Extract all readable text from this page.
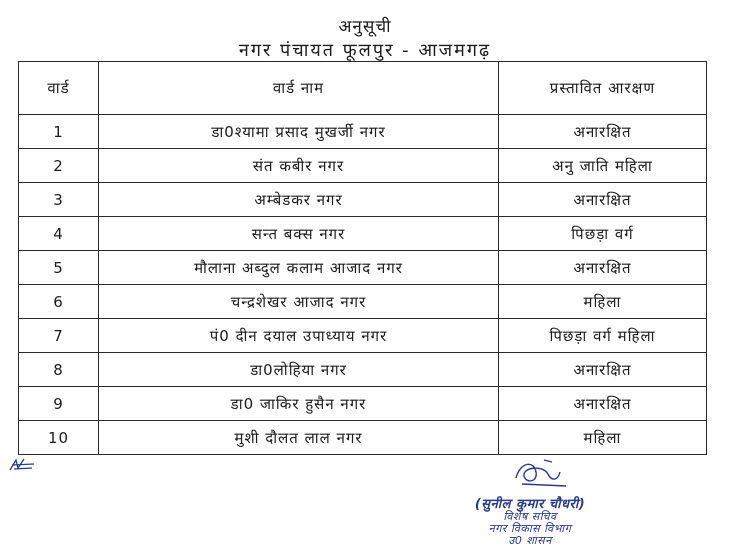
अनुसूची
नगर पंचायत फूलपुर - आजमगढ़
वार्ड	वार्ड नाम	प्रस्तावित आरक्षण
1	डा0श्यामा प्रसाद मुखर्जी नगर	अनारक्षित
2	संत कबीर नगर	अनु जाति महिला
3	अम्बेडकर नगर	अनारक्षित
4	सन्त बक्स नगर	पिछड़ा वर्ग
5	मौलाना अब्दुल कलाम आजाद नगर	अनारक्षित
6	चन्द्रशेखर आजाद नगर	महिला
7	पं0 दीन दयाल उपाध्याय नगर	पिछड़ा वर्ग महिला
8	डा0लोहिया नगर	अनारक्षित
9	डा0 जाकिर हुसैन नगर	अनारक्षित
10	मुशी दौलत लाल नगर	महिला
(सुनील कुमार चौधरी)
विशेष सचिव
नगर विकास विभाग
उ0 शासन
